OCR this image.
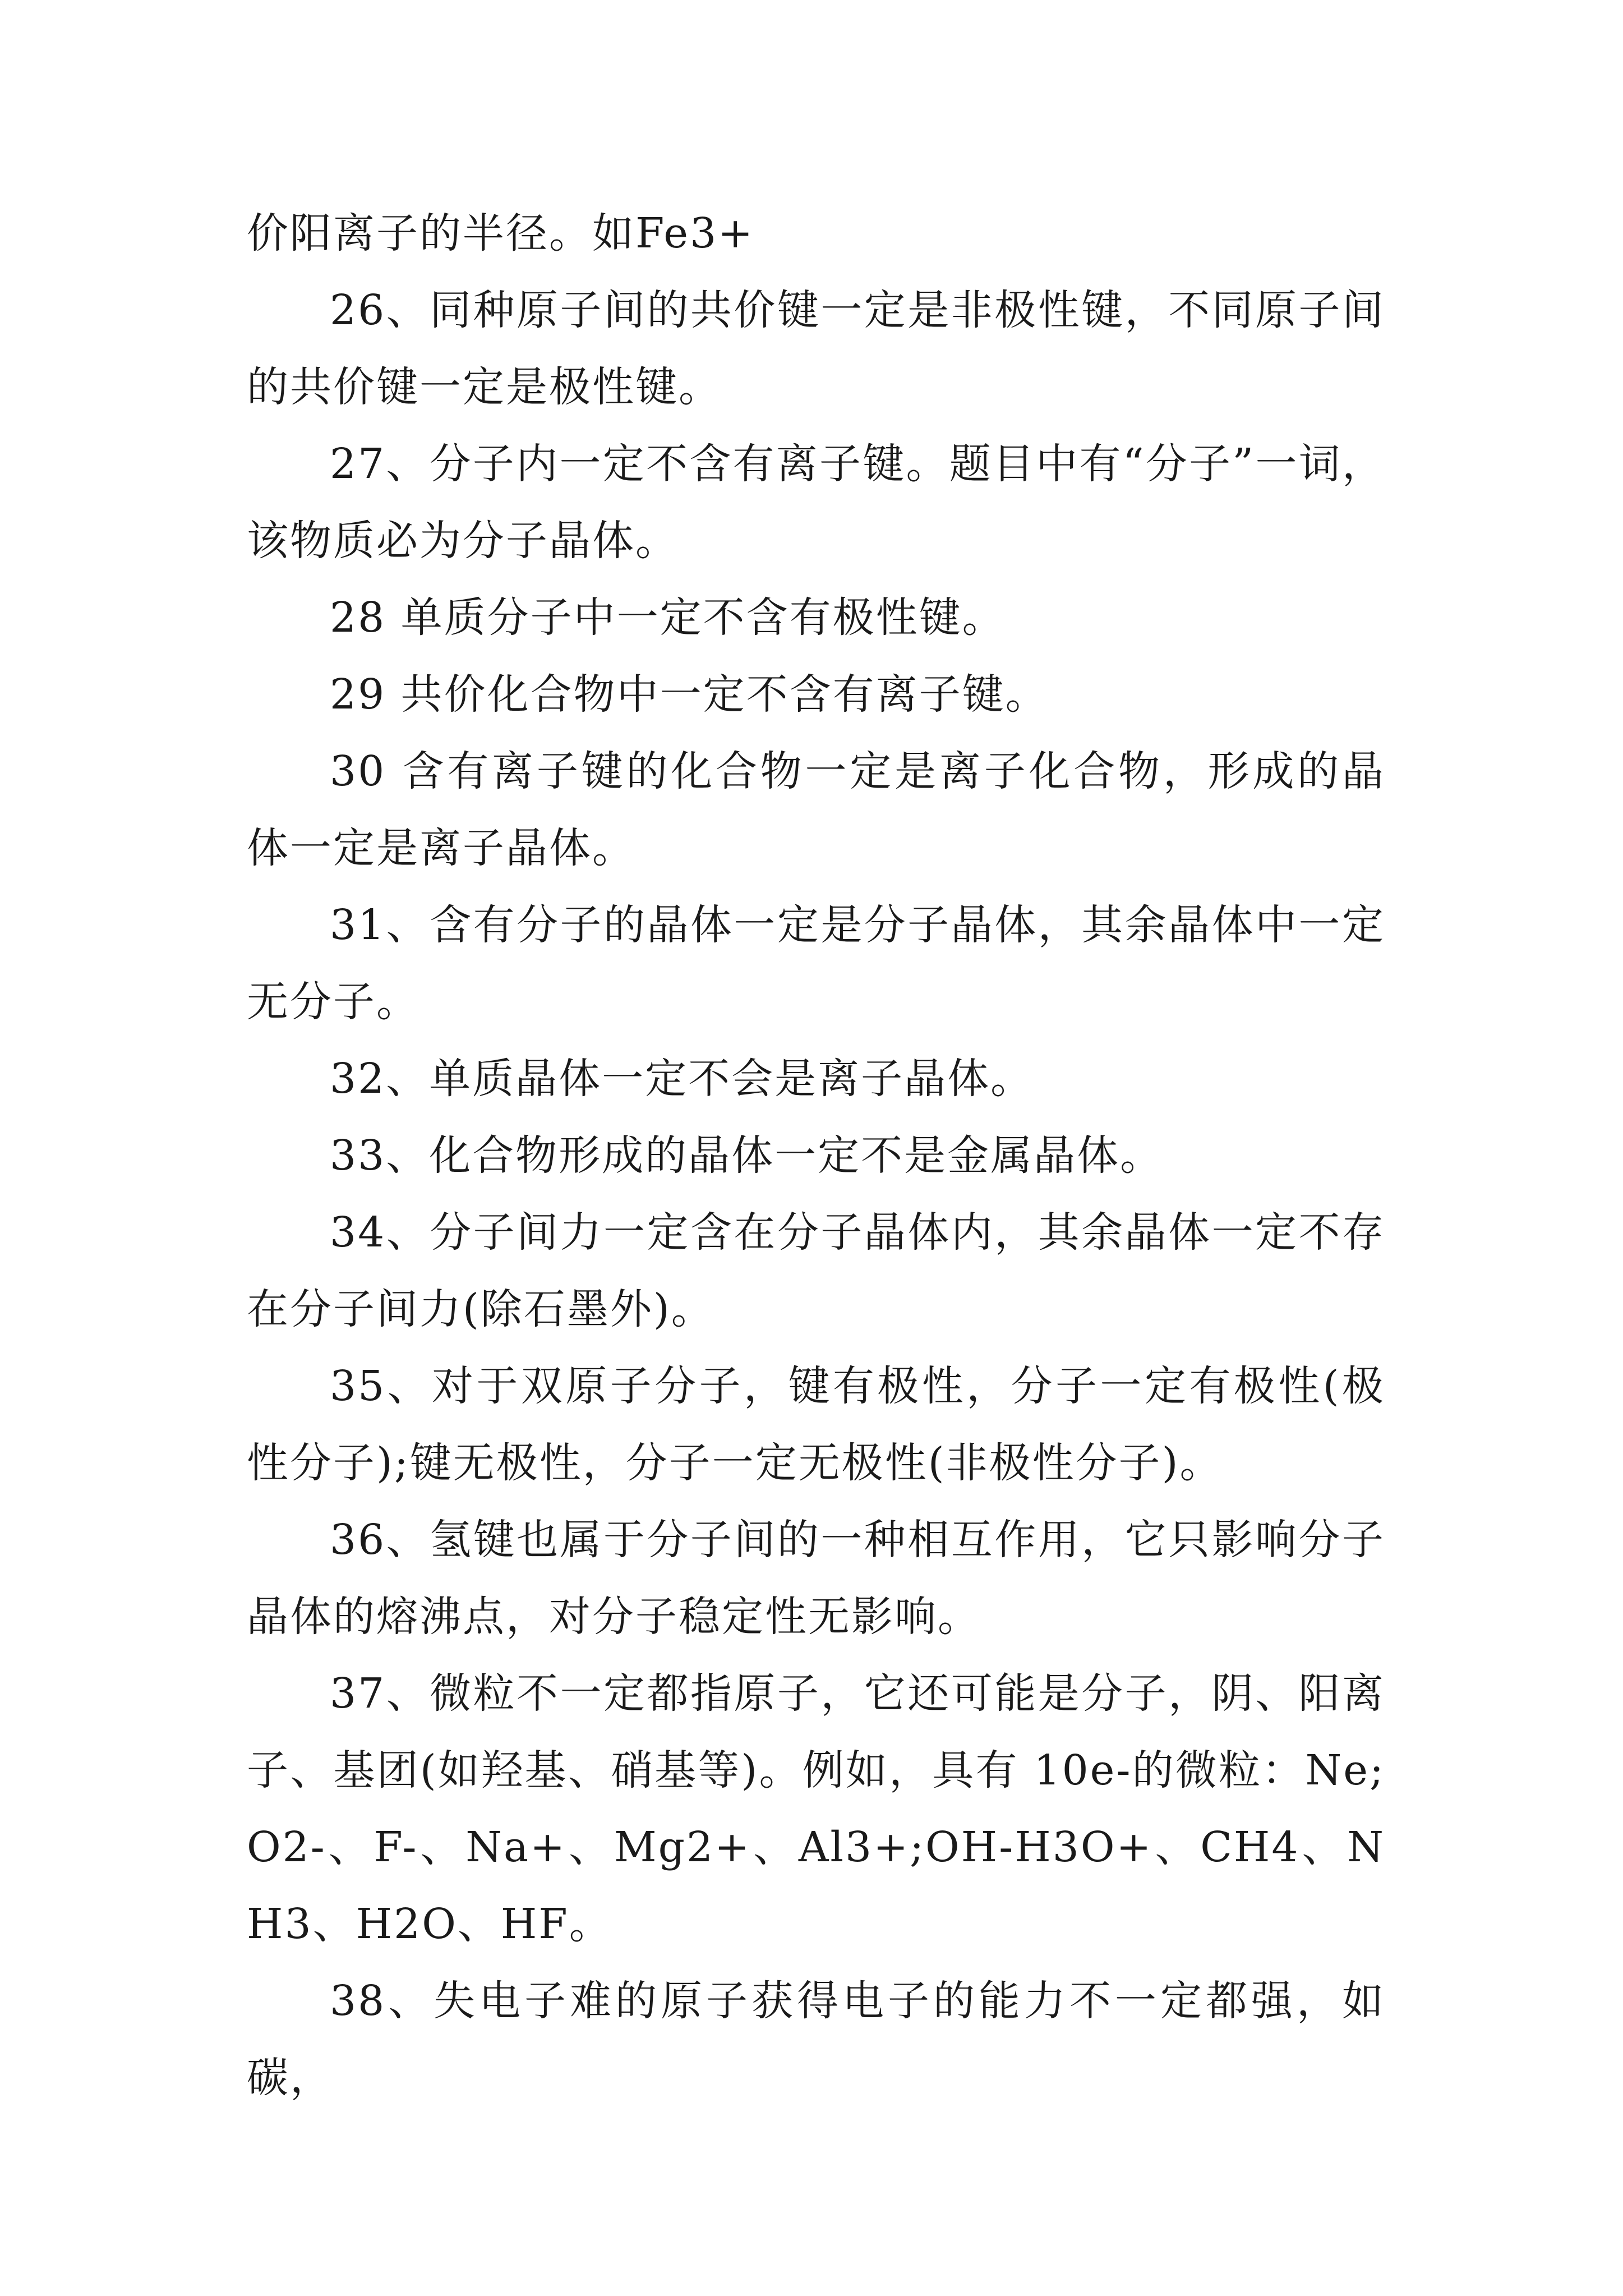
价阳离子的半径。如Fe3+

26、同种原子间的共价键一定是非极性键，不同原子间的共价键一定是极性键。

27、分子内一定不含有离子键。题目中有“分子”一词，该物质必为分子晶体。

28 单质分子中一定不含有极性键。

29 共价化合物中一定不含有离子键。

30 含有离子键的化合物一定是离子化合物，形成的晶体一定是离子晶体。

31、含有分子的晶体一定是分子晶体，其余晶体中一定无分子。

32、单质晶体一定不会是离子晶体。

33、化合物形成的晶体一定不是金属晶体。

34、分子间力一定含在分子晶体内，其余晶体一定不存在分子间力(除石墨外)。

35、对于双原子分子，键有极性，分子一定有极性(极性分子);键无极性，分子一定无极性(非极性分子)。

36、氢键也属于分子间的一种相互作用，它只影响分子晶体的熔沸点，对分子稳定性无影响。

37、微粒不一定都指原子，它还可能是分子，阴、阳离子、基团(如羟基、硝基等)。例如，具有 10e-的微粒：Ne;O2-、F-、Na+、Mg2+、Al3+;OH-H3O+、CH4、NH3、H2O、HF。

38、失电子难的原子获得电子的能力不一定都强，如碳，
